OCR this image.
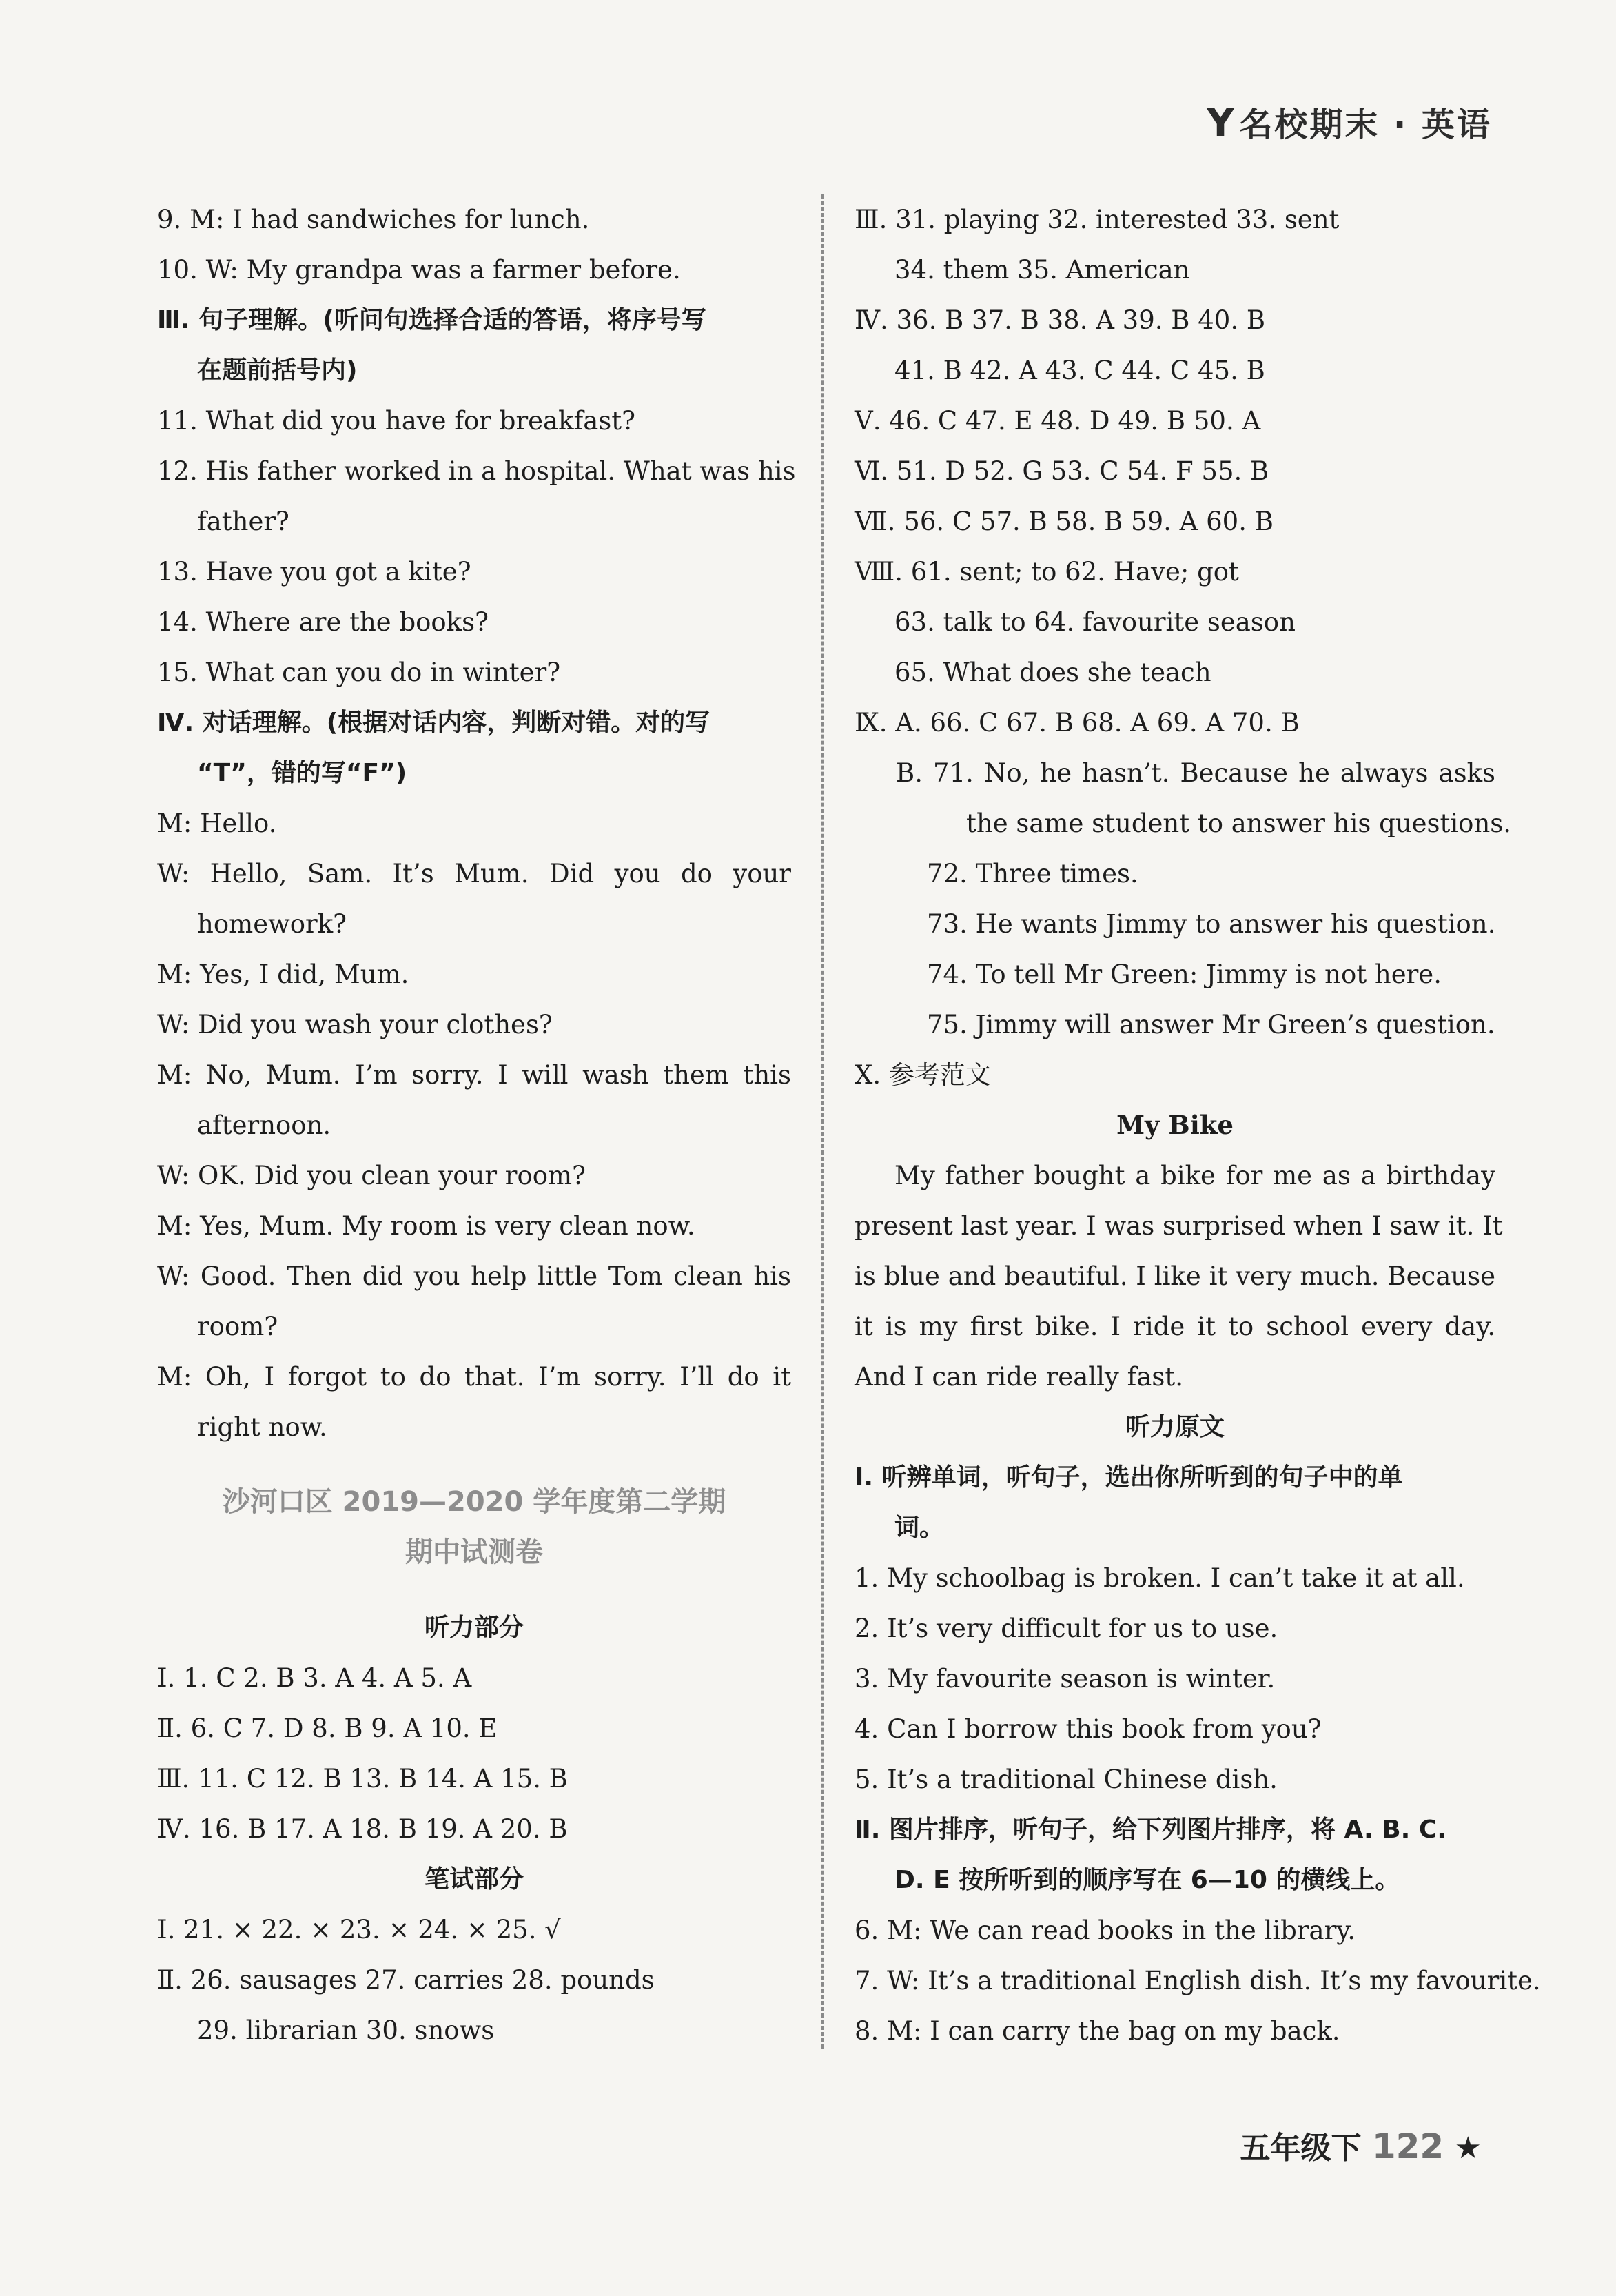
Y名校期末 · 英语
9. M: I had sandwiches for lunch.
10. W: My grandpa was a farmer before.
Ⅲ. 句子理解。(听问句选择合适的答语，将序号写
在题前括号内)
11. What did you have for breakfast?
12. His father worked in a hospital. What was his
father?
13. Have you got a kite?
14. Where are the books?
15. What can you do in winter?
Ⅳ. 对话理解。(根据对话内容，判断对错。对的写
“T”，错的写“F”)
M: Hello.
W: Hello, Sam. It’s Mum. Did you do your
homework?
M: Yes, I did, Mum.
W: Did you wash your clothes?
M: No, Mum. I’m sorry. I will wash them this
afternoon.
W: OK. Did you clean your room?
M: Yes, Mum. My room is very clean now.
W: Good. Then did you help little Tom clean his
room?
M: Oh, I forgot to do that. I’m sorry. I’ll do it
right now.
沙河口区 2019—2020 学年度第二学期
期中试测卷
听力部分
Ⅰ. 1. C 2. B 3. A 4. A 5. A
Ⅱ. 6. C 7. D 8. B 9. A 10. E
Ⅲ. 11. C 12. B 13. B 14. A 15. B
Ⅳ. 16. B 17. A 18. B 19. A 20. B
笔试部分
Ⅰ. 21. × 22. × 23. × 24. × 25. √
Ⅱ. 26. sausages 27. carries 28. pounds
29. librarian 30. snows
Ⅲ. 31. playing 32. interested 33. sent
34. them 35. American
Ⅳ. 36. B 37. B 38. A 39. B 40. B
41. B 42. A 43. C 44. C 45. B
Ⅴ. 46. C 47. E 48. D 49. B 50. A
Ⅵ. 51. D 52. G 53. C 54. F 55. B
Ⅶ. 56. C 57. B 58. B 59. A 60. B
Ⅷ. 61. sent; to 62. Have; got
63. talk to 64. favourite season
65. What does she teach
Ⅸ. A. 66. C 67. B 68. A 69. A 70. B
B. 71. No, he hasn’t. Because he always asks
the same student to answer his questions.
72. Three times.
73. He wants Jimmy to answer his question.
74. To tell Mr Green: Jimmy is not here.
75. Jimmy will answer Mr Green’s question.
Ⅹ. 参考范文
My Bike
My father bought a bike for me as a birthday
present last year. I was surprised when I saw it. It
is blue and beautiful. I like it very much. Because
it is my first bike. I ride it to school every day.
And I can ride really fast.
听力原文
Ⅰ. 听辨单词，听句子，选出你所听到的句子中的单
词。
1. My schoolbag is broken. I can’t take it at all.
2. It’s very difficult for us to use.
3. My favourite season is winter.
4. Can I borrow this book from you?
5. It’s a traditional Chinese dish.
Ⅱ. 图片排序，听句子，给下列图片排序，将 A. B. C.
D. E 按所听到的顺序写在 6—10 的横线上。
6. M: We can read books in the library.
7. W: It’s a traditional English dish. It’s my favourite.
8. M: I can carry the bag on my back.
五年级下 122 ★
